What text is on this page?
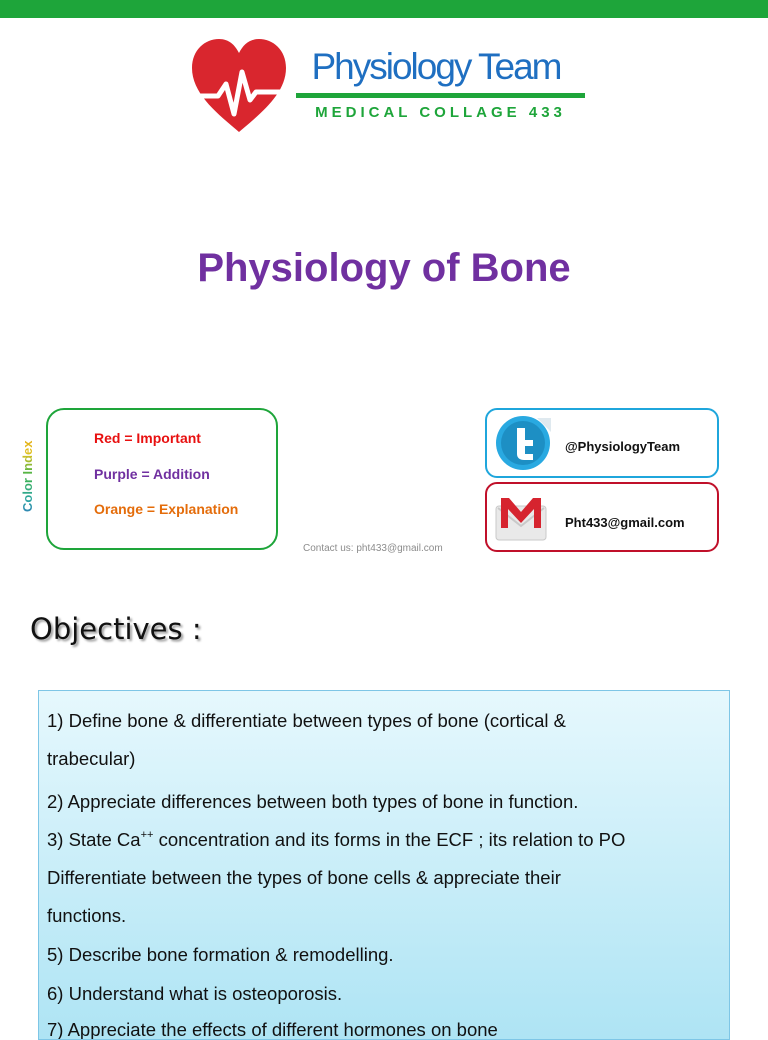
Physiology Team
MEDICAL COLLAGE 433
Physiology of Bone
Color Index
Red = Important
Purple = Addition
Orange = Explanation
Contact us: pht433@gmail.com
@PhysiologyTeam
Pht433@gmail.com
Objectives :
1) Define bone & differentiate between types of bone (cortical &
trabecular)
2) Appreciate differences between both types of bone in function.
3) State Ca++ concentration and its forms in the ECF ; its relation to PO
Differentiate between the types of bone cells & appreciate their
functions.
5) Describe bone formation & remodelling.
6) Understand what is osteoporosis.
7) Appreciate the effects of different hormones on bone
